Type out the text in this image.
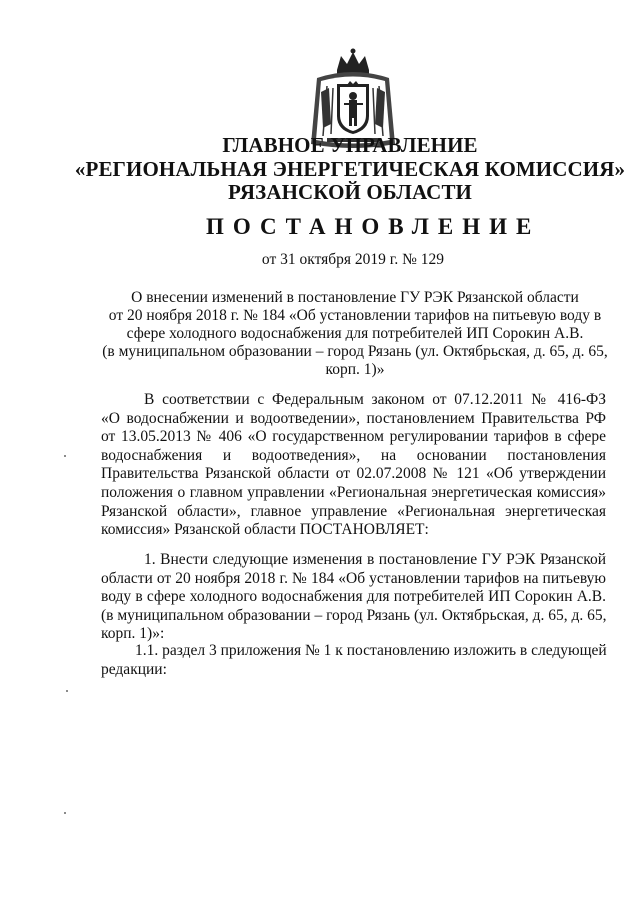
ГЛАВНОЕ УПРАВЛЕНИЕ
«РЕГИОНАЛЬНАЯ ЭНЕРГЕТИЧЕСКАЯ КОМИССИЯ»
РЯЗАНСКОЙ ОБЛАСТИ
ПОСТАНОВЛЕНИЕ
от 31 октября 2019 г. № 129
О внесении изменений в постановление ГУ РЭК Рязанской области
от 20 ноября 2018 г. № 184 «Об установлении тарифов на питьевую воду в
сфере холодного водоснабжения для потребителей ИП Сорокин А.В.
(в муниципальном образовании – город Рязань (ул. Октябрьская, д. 65, д. 65,
корп. 1)»
В соответствии с Федеральным законом от 07.12.2011 № 416-ФЗ
«О водоснабжении и водоотведении», постановлением Правительства РФ
от 13.05.2013 № 406 «О государственном регулировании тарифов в сфере
водоснабжения и водоотведения», на основании постановления
Правительства Рязанской области от 02.07.2008 № 121 «Об утверждении
положения о главном управлении «Региональная энергетическая комиссия»
Рязанской области», главное управление «Региональная энергетическая
комиссия» Рязанской области ПОСТАНОВЛЯЕТ:
1. Внести следующие изменения в постановление ГУ РЭК Рязанской
области от 20 ноября 2018 г. № 184 «Об установлении тарифов на питьевую
воду в сфере холодного водоснабжения для потребителей ИП Сорокин А.В.
(в муниципальном образовании – город Рязань (ул. Октябрьская, д. 65, д. 65,
корп. 1)»:
1.1. раздел 3 приложения № 1 к постановлению изложить в следующей
редакции:
